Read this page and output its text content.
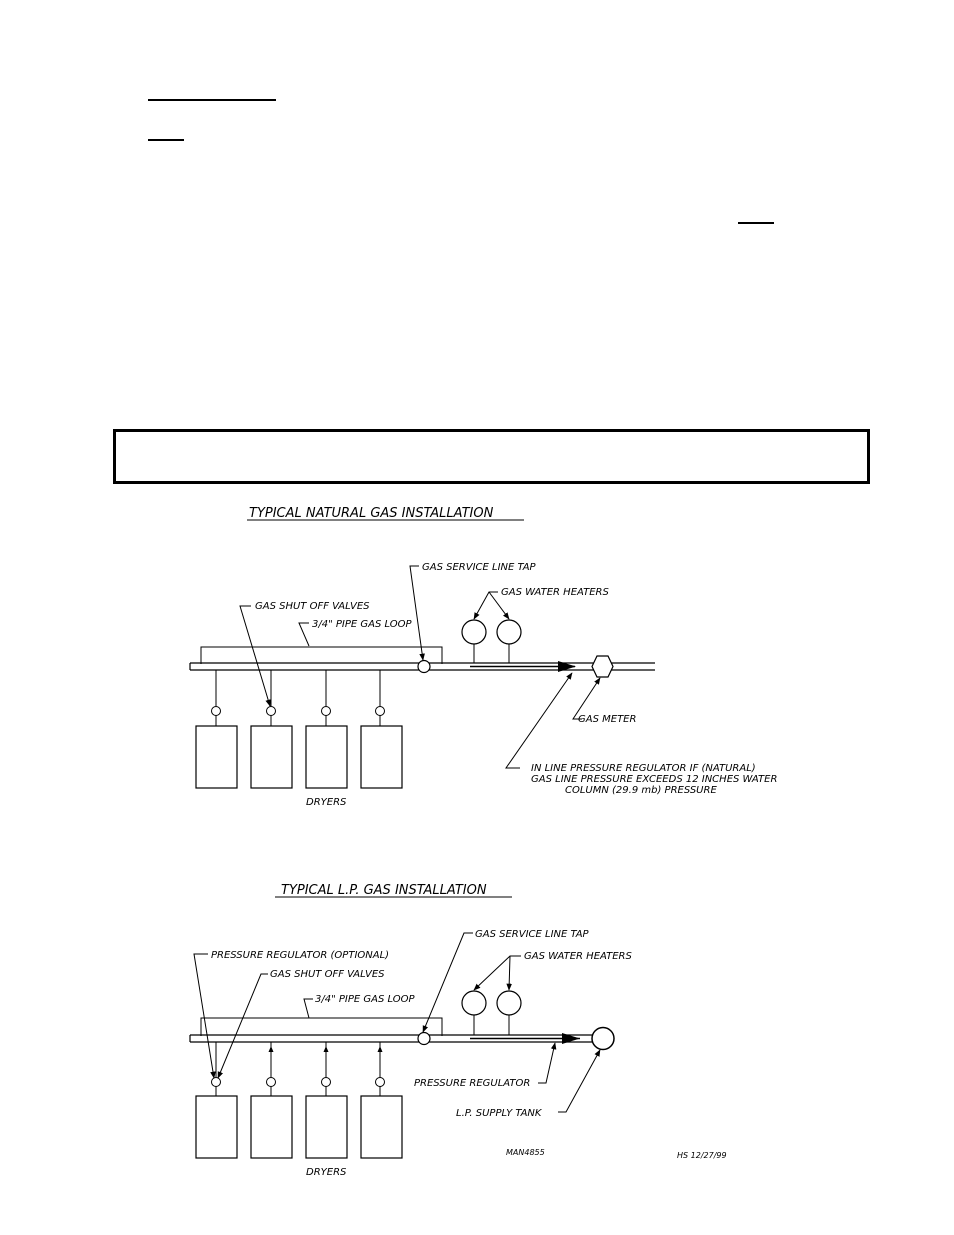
TYPICAL NATURAL GAS INSTALLATION
DRYERS
GAS SERVICE LINE TAP
GAS WATER HEATERS
GAS SHUT OFF VALVES
3/4" PIPE GAS LOOP
GAS METER
IN LINE PRESSURE REGULATOR IF (NATURAL)
GAS LINE PRESSURE EXCEEDS 12 INCHES WATER
COLUMN (29.9 mb) PRESSURE
TYPICAL L.P. GAS INSTALLATION
DRYERS
GAS SERVICE LINE TAP
PRESSURE REGULATOR (OPTIONAL)	GAS WATER HEATERS
GAS SHUT OFF VALVES
3/4" PIPE GAS LOOP
PRESSURE REGULATOR
L.P. SUPPLY TANK
MAN4855	HS 12/27/99
